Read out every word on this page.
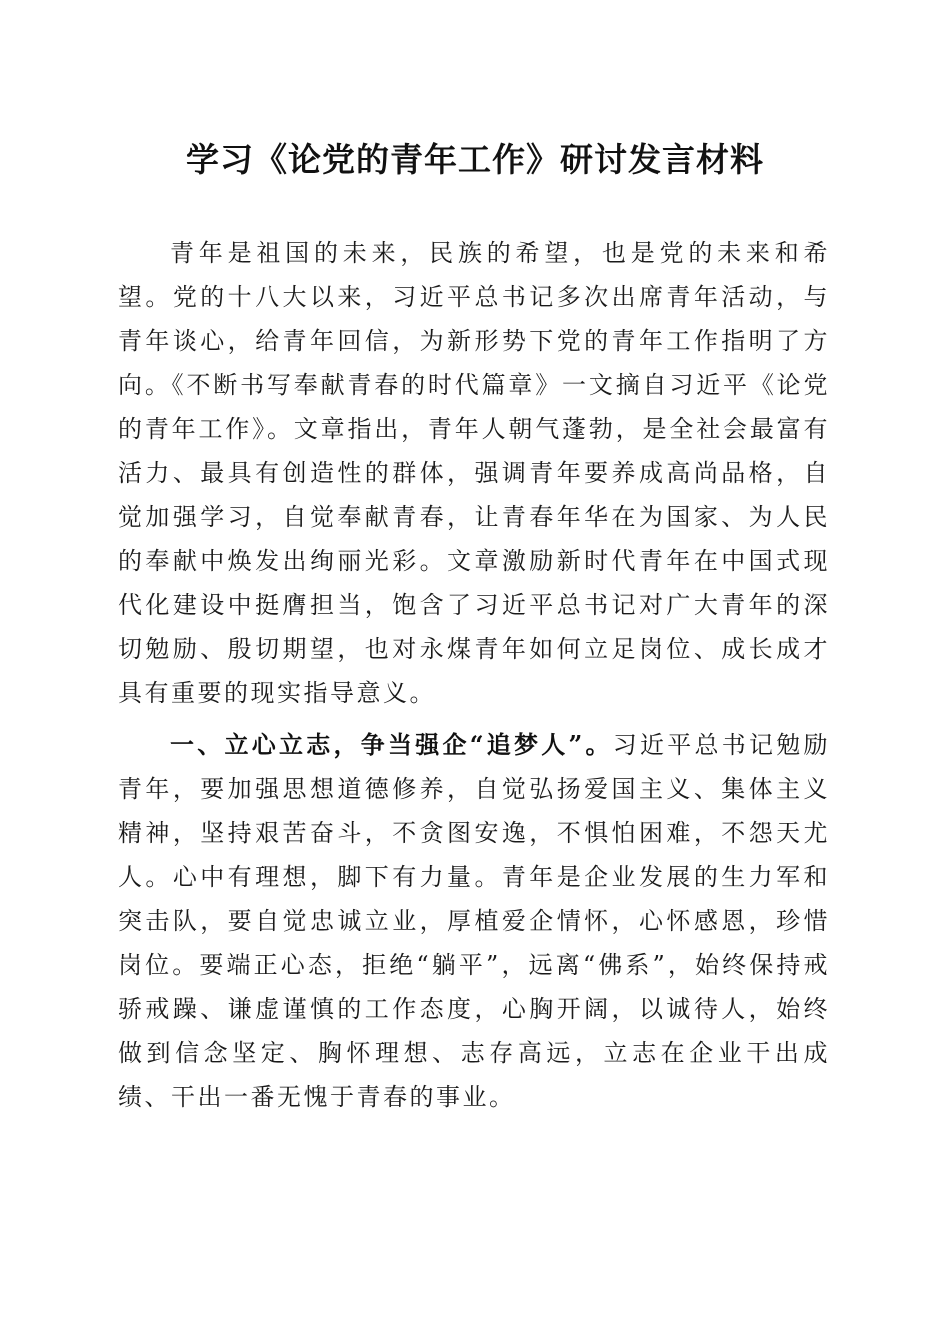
学习《论党的青年工作》研讨发言材料

青年是祖国的未来，民族的希望，也是党的未来和希望。党的十八大以来，习近平总书记多次出席青年活动，与青年谈心，给青年回信，为新形势下党的青年工作指明了方向。《不断书写奉献青春的时代篇章》一文摘自习近平《论党的青年工作》。文章指出，青年人朝气蓬勃，是全社会最富有活力、最具有创造性的群体，强调青年要养成高尚品格，自觉加强学习，自觉奉献青春，让青春年华在为国家、为人民的奉献中焕发出绚丽光彩。文章激励新时代青年在中国式现代化建设中挺膺担当，饱含了习近平总书记对广大青年的深切勉励、殷切期望，也对永煤青年如何立足岗位、成长成才具有重要的现实指导意义。

一、立心立志，争当强企“追梦人”。习近平总书记勉励青年，要加强思想道德修养，自觉弘扬爱国主义、集体主义精神，坚持艰苦奋斗，不贪图安逸，不惧怕困难，不怨天尤人。心中有理想，脚下有力量。青年是企业发展的生力军和突击队，要自觉忠诚立业，厚植爱企情怀，心怀感恩，珍惜岗位。要端正心态，拒绝“躺平”，远离“佛系”，始终保持戒骄戒躁、谦虚谨慎的工作态度，心胸开阔，以诚待人，始终做到信念坚定、胸怀理想、志存高远，立志在企业干出成绩、干出一番无愧于青春的事业。
